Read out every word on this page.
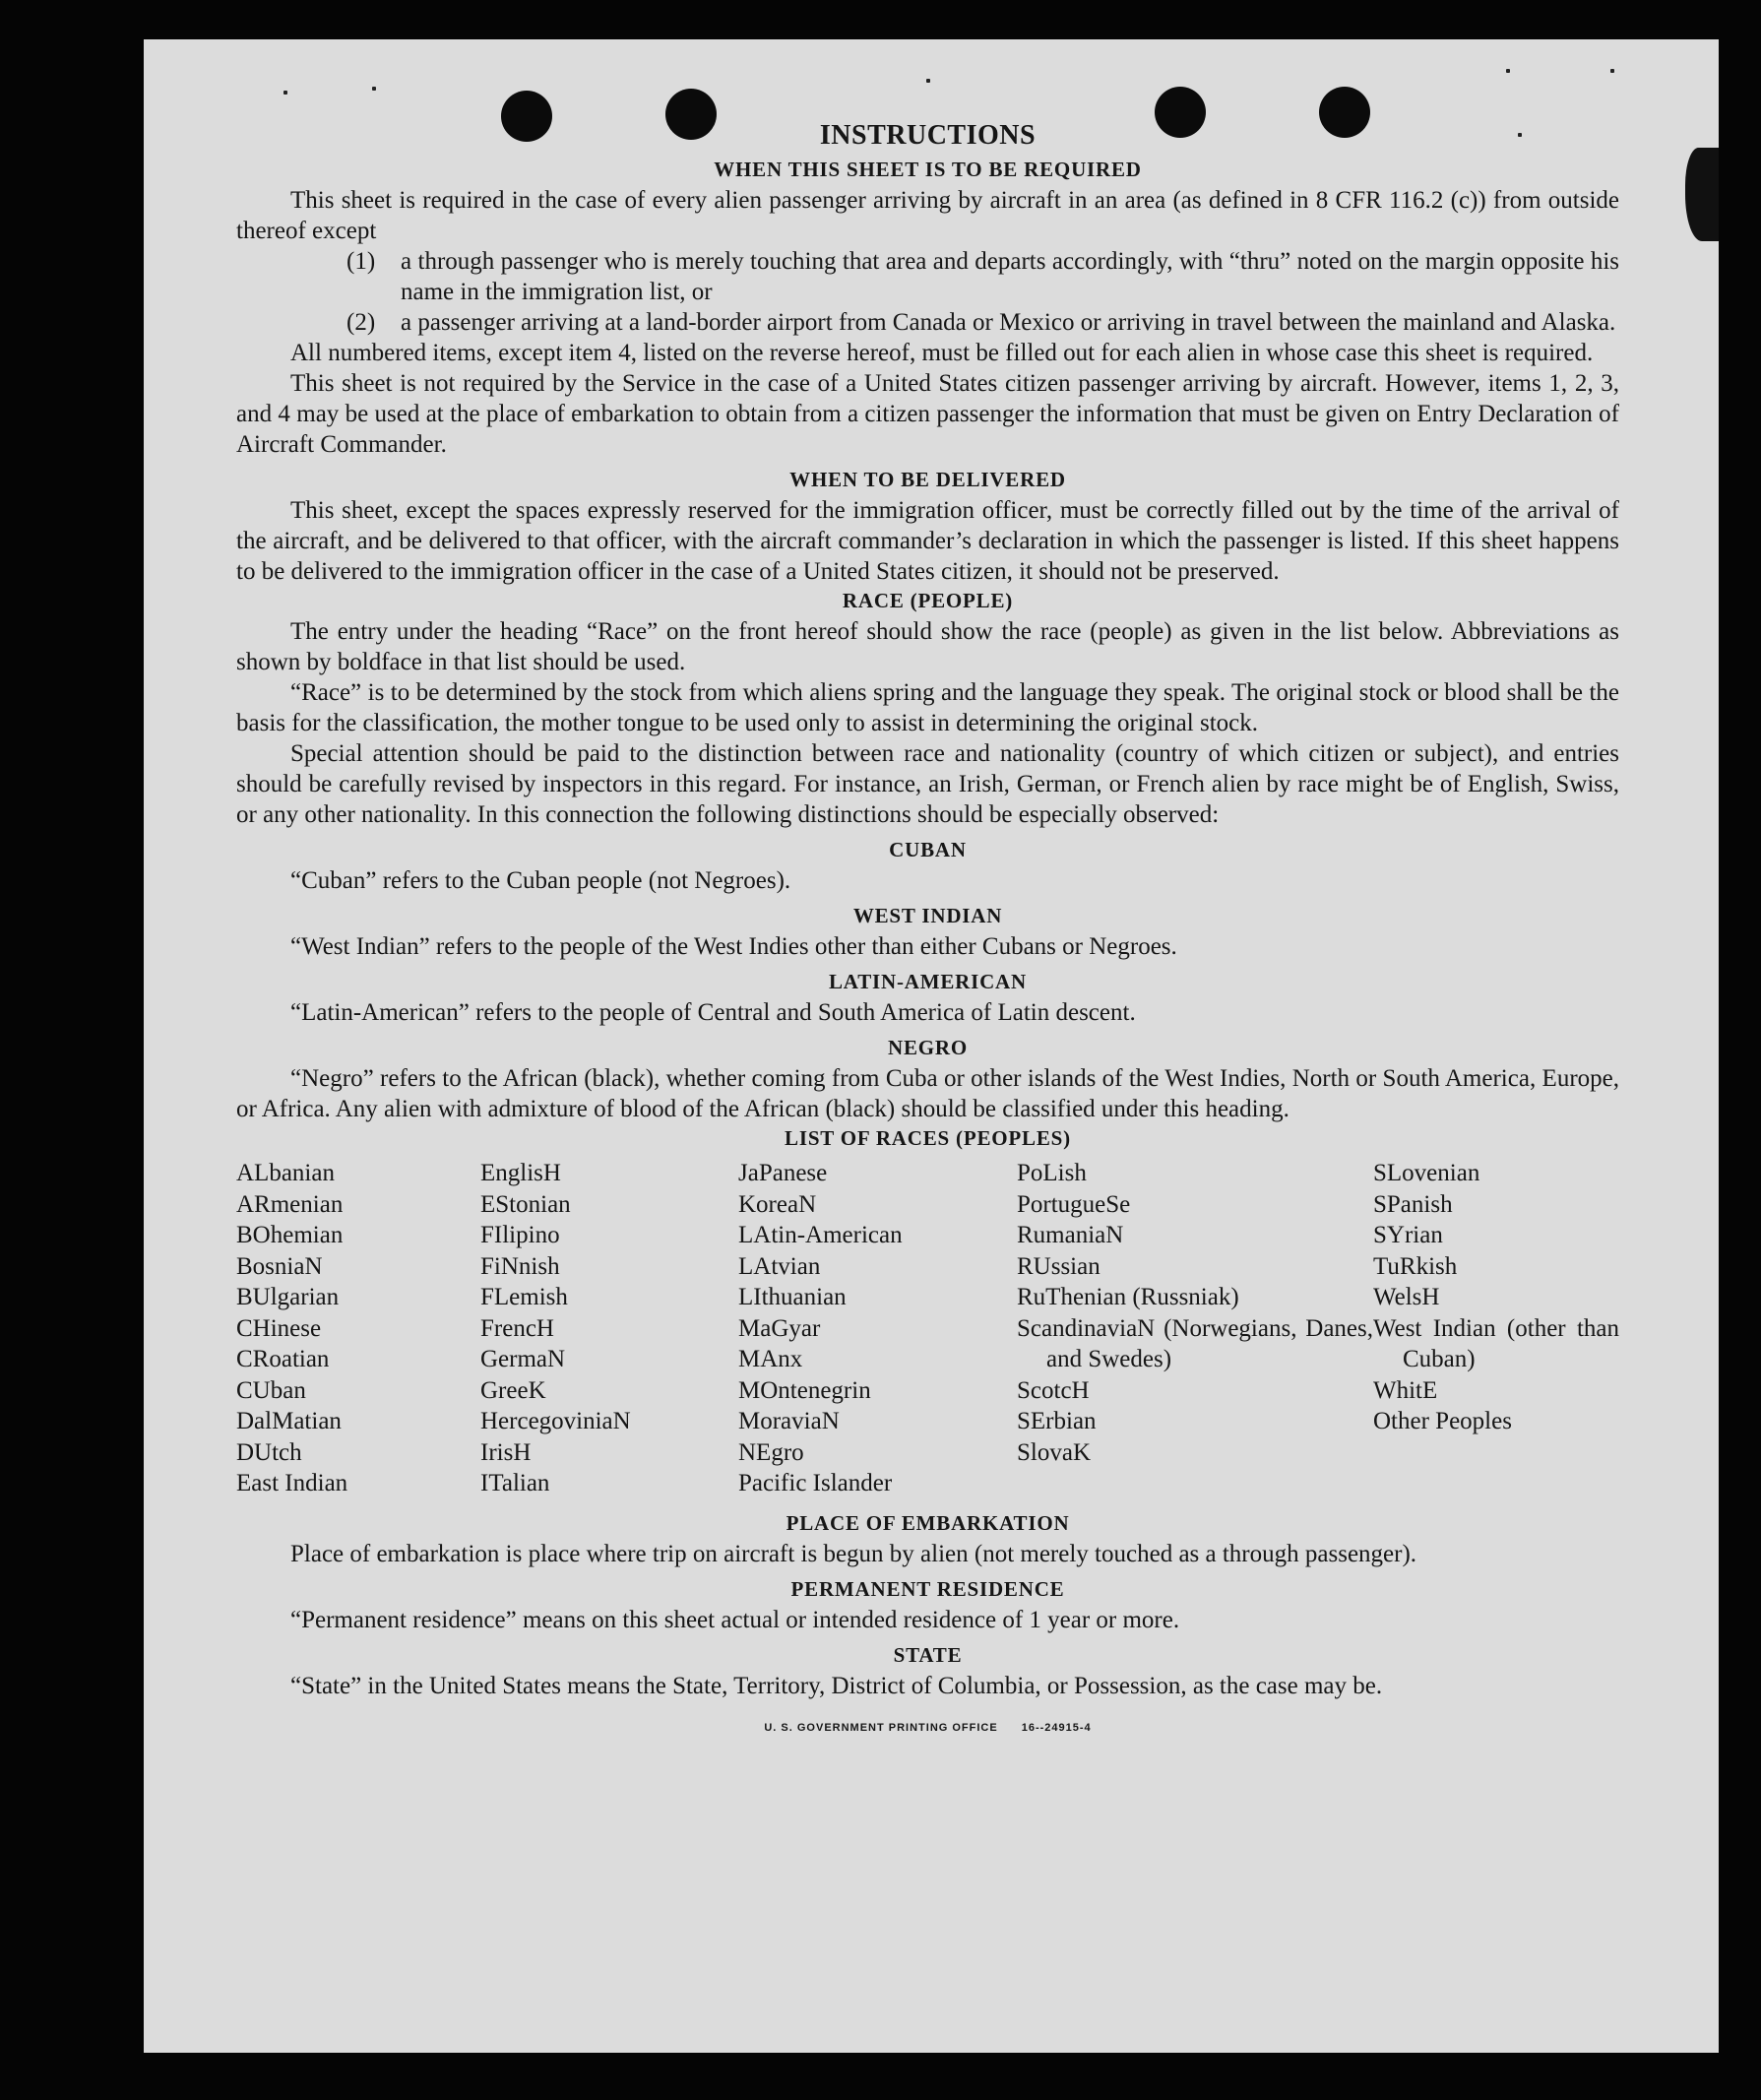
INSTRUCTIONS
WHEN THIS SHEET IS TO BE REQUIRED

This sheet is required in the case of every alien passenger arriving by aircraft in an area (as defined in 8 CFR 116.2 (c)) from outside thereof except

(1)	a through passenger who is merely touching that area and departs accordingly, with “thru” noted on the margin opposite his name in the immigration list, or
(2)	a passenger arriving at a land-border airport from Canada or Mexico or arriving in travel between the mainland and Alaska.

All numbered items, except item 4, listed on the reverse hereof, must be filled out for each alien in whose case this sheet is required.

This sheet is not required by the Service in the case of a United States citizen passenger arriving by aircraft. However, items 1, 2, 3, and 4 may be used at the place of embarkation to obtain from a citizen passenger the information that must be given on Entry Declaration of Aircraft Commander.

WHEN TO BE DELIVERED

This sheet, except the spaces expressly reserved for the immigration officer, must be correctly filled out by the time of the arrival of the aircraft, and be delivered to that officer, with the aircraft commander’s declaration in which the passenger is listed. If this sheet happens to be delivered to the immigration officer in the case of a United States citizen, it should not be preserved.

RACE (PEOPLE)

The entry under the heading “Race” on the front hereof should show the race (people) as given in the list below. Abbreviations as shown by boldface in that list should be used.

“Race” is to be determined by the stock from which aliens spring and the language they speak. The original stock or blood shall be the basis for the classification, the mother tongue to be used only to assist in determining the original stock.

Special attention should be paid to the distinction between race and nationality (country of which citizen or subject), and entries should be carefully revised by inspectors in this regard. For instance, an Irish, German, or French alien by race might be of English, Swiss, or any other nationality. In this connection the following distinctions should be especially observed:

CUBAN

“Cuban” refers to the Cuban people (not Negroes).

WEST INDIAN

“West Indian” refers to the people of the West Indies other than either Cubans or Negroes.

LATIN-AMERICAN

“Latin-American” refers to the people of Central and South America of Latin descent.

NEGRO

“Negro” refers to the African (black), whether coming from Cuba or other islands of the West Indies, North or South America, Europe, or Africa. Any alien with admixture of blood of the African (black) should be classified under this heading.

LIST OF RACES (PEOPLES)
ALbanian
ARmenian
BOhemian
BosniaN
BUlgarian
CHinese
CRoatian
CUban
DalMatian
DUtch
East Indian
EnglisH
EStonian
FIlipino
FiNnish
FLemish
FrencH
GermaN
GreeK
HercegoviniaN
IrisH
ITalian
JaPanese
KoreaN
LAtin-American
LAtvian
LIthuanian
MaGyar
MAnx
MOntenegrin
MoraviaN
NEgro
Pacific Islander
PoLish
PortugueSe
RumaniaN
RUssian
RuThenian (Russniak)
ScandinaviaN (Norwegians, Danes, and Swedes)
ScotcH
SErbian
SlovaK
SLovenian
SPanish
SYrian
TuRkish
WelsH
West Indian (other than Cuban)
WhitE
Other Peoples
PLACE OF EMBARKATION

Place of embarkation is place where trip on aircraft is begun by alien (not merely touched as a through passenger).

PERMANENT RESIDENCE

“Permanent residence” means on this sheet actual or intended residence of 1 year or more.

STATE

“State” in the United States means the State, Territory, District of Columbia, or Possession, as the case may be.

U. S. GOVERNMENT PRINTING OFFICE 16--24915-4
